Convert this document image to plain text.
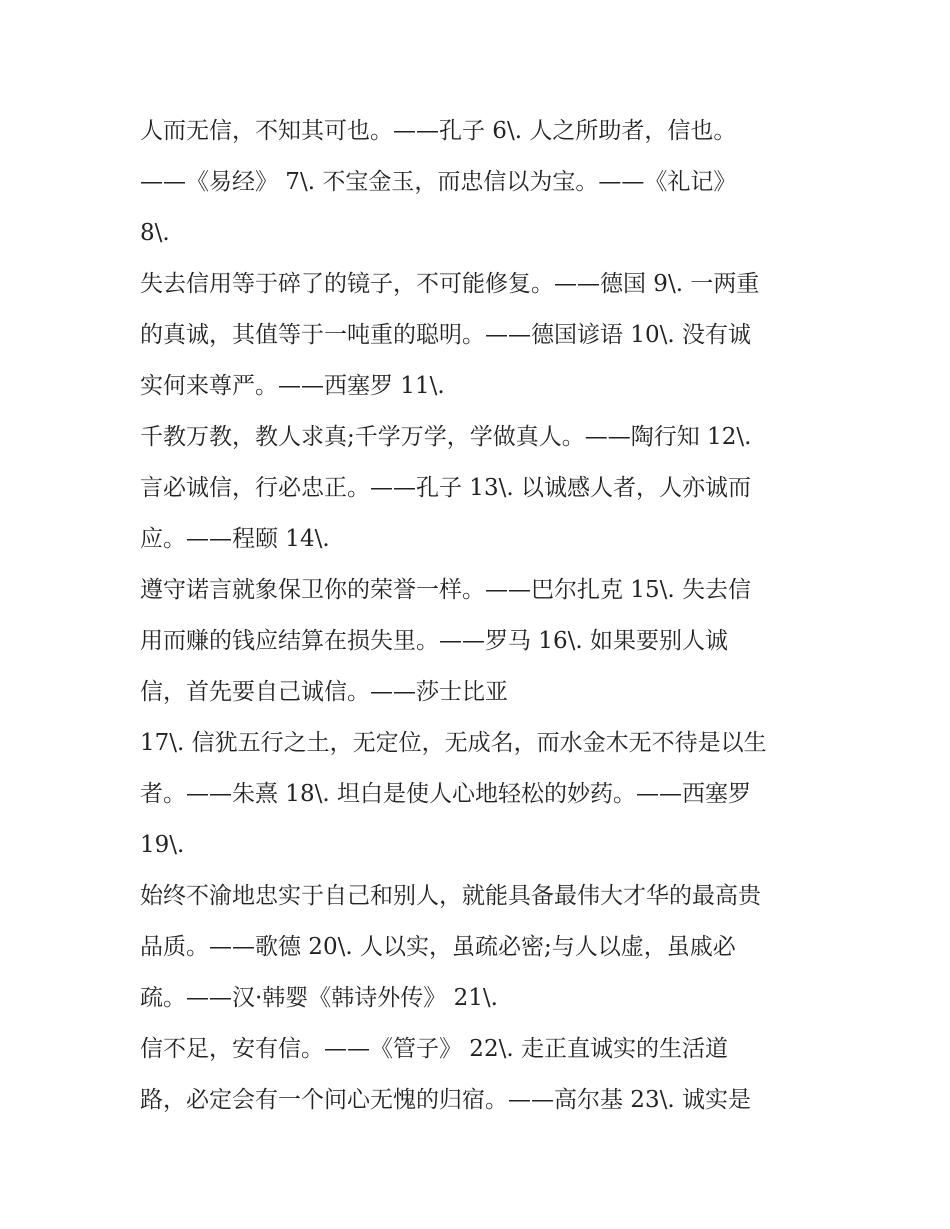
人而无信，不知其可也。——孔子 6\. 人之所助者，信也。
——《易经》 7\. 不宝金玉，而忠信以为宝。——《礼记》
8\.
失去信用等于碎了的镜子，不可能修复。——德国 9\. 一两重
的真诚，其值等于一吨重的聪明。——德国谚语 10\. 没有诚
实何来尊严。——西塞罗 11\.
千教万教，教人求真;千学万学，学做真人。——陶行知 12\.
言必诚信，行必忠正。——孔子 13\. 以诚感人者，人亦诚而
应。——程颐 14\.
遵守诺言就象保卫你的荣誉一样。——巴尔扎克 15\. 失去信
用而赚的钱应结算在损失里。——罗马 16\. 如果要别人诚
信，首先要自己诚信。——莎士比亚
17\. 信犹五行之土，无定位，无成名，而水金木无不待是以生
者。——朱熹 18\. 坦白是使人心地轻松的妙药。——西塞罗
19\.
始终不渝地忠实于自己和别人，就能具备最伟大才华的最高贵
品质。——歌德 20\. 人以实，虽疏必密;与人以虚，虽戚必
疏。——汉·韩婴《韩诗外传》 21\.
信不足，安有信。——《管子》 22\. 走正直诚实的生活道
路，必定会有一个问心无愧的归宿。——高尔基 23\. 诚实是
